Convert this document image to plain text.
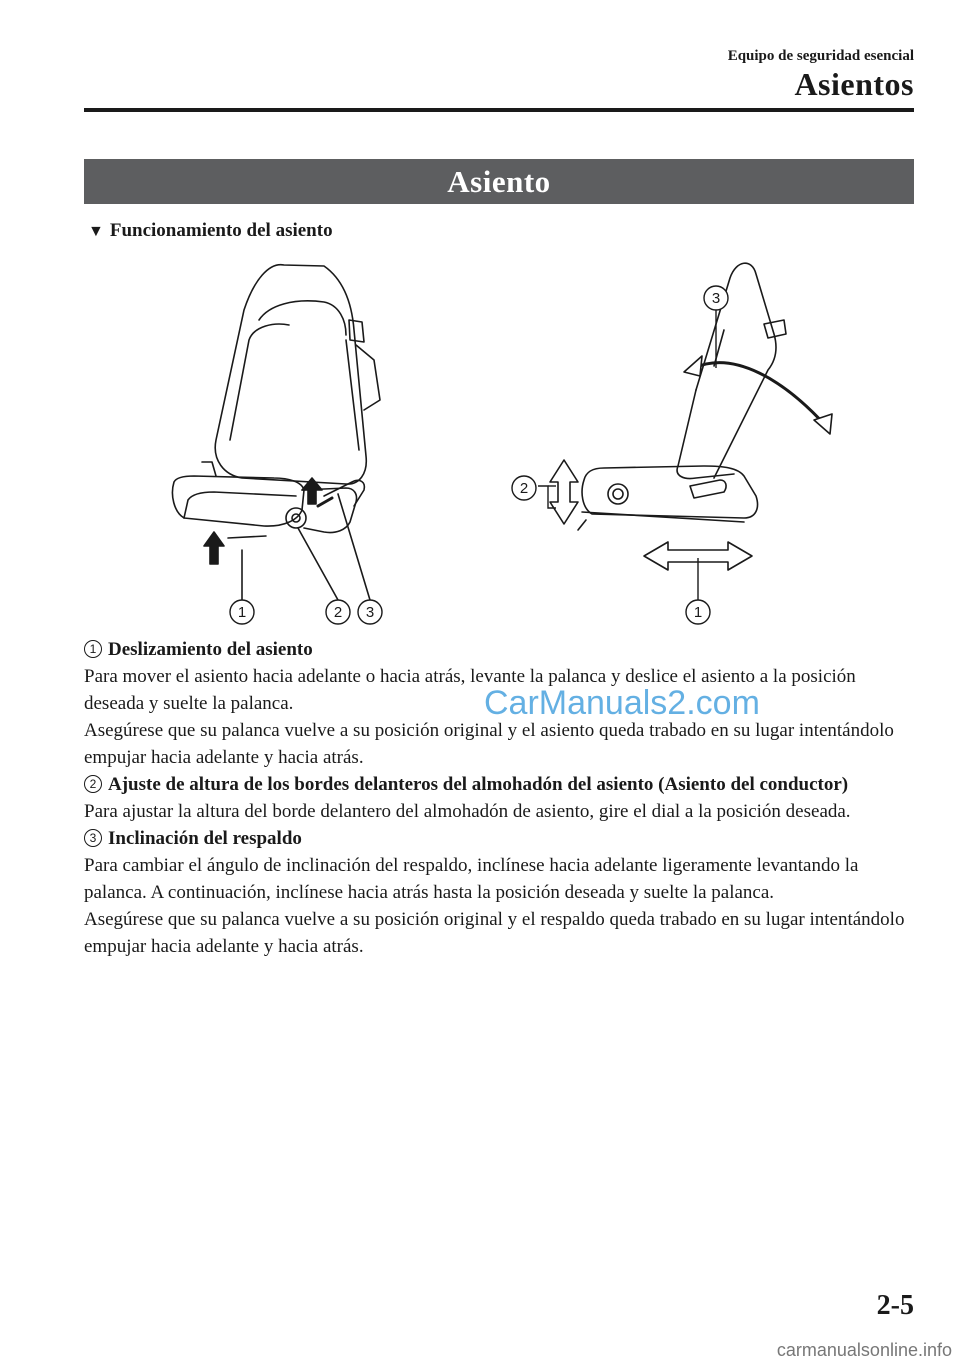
Equipo de seguridad esencial
Asientos
Asiento
▼ Funcionamiento del asiento
1	2 3	1
2
3

1 Deslizamiento del asiento

Para mover el asiento hacia adelante o hacia atrás, levante la palanca y deslice el asiento a la posición deseada y suelte la palanca.

Asegúrese que su palanca vuelve a su posición original y el asiento queda trabado en su lugar intentándolo empujar hacia adelante y hacia atrás.

2 Ajuste de altura de los bordes delanteros del almohadón del asiento (Asiento del conductor)

Para ajustar la altura del borde delantero del almohadón de asiento, gire el dial a la posición deseada.

3 Inclinación del respaldo

Para cambiar el ángulo de inclinación del respaldo, inclínese hacia adelante ligeramente levantando la palanca. A continuación, inclínese hacia atrás hasta la posición deseada y suelte la palanca.

Asegúrese que su palanca vuelve a su posición original y el respaldo queda trabado en su lugar intentándolo empujar hacia adelante y hacia atrás.

CarManuals2.com
2-5
carmanualsonline.info
